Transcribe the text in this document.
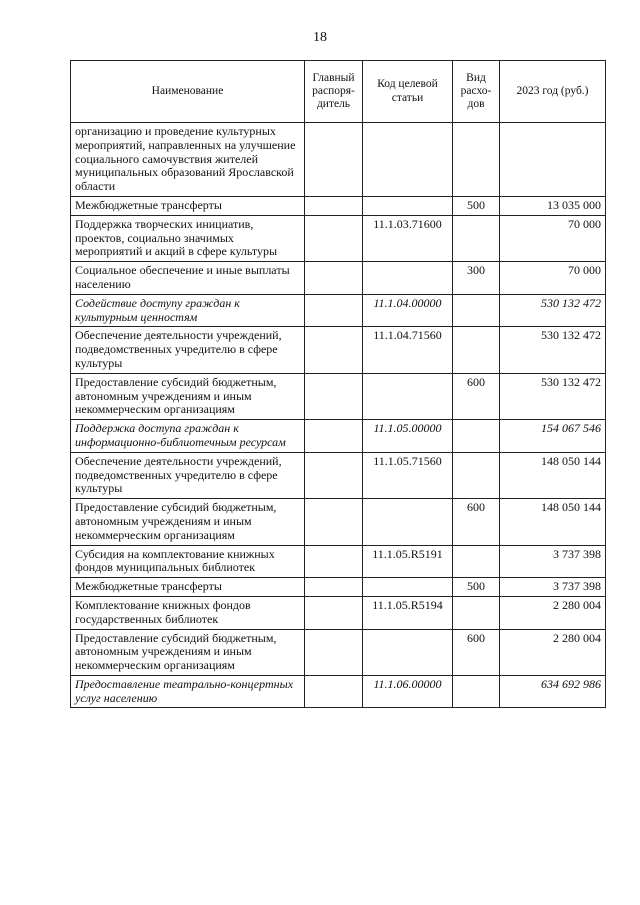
18
Наименование	Главный распоря-дитель	Код целевой статьи	Вид расхо-дов	2023 год (руб.)
организацию и проведение культурных мероприятий, направленных на улучшение социального самочувствия жителей муниципальных образований Ярославской области				
Межбюджетные трансферты			500	13 035 000
Поддержка творческих инициатив, проектов, социально значимых мероприятий и акций в сфере культуры		11.1.03.71600		70 000
Социальное обеспечение и иные выплаты населению			300	70 000
Содействие доступу граждан к культурным ценностям		11.1.04.00000		530 132 472
Обеспечение деятельности учреждений, подведомственных учредителю в сфере культуры		11.1.04.71560		530 132 472
Предоставление субсидий бюджетным, автономным учреждениям и иным некоммерческим организациям			600	530 132 472
Поддержка доступа граждан к информационно-библиотечным ресурсам		11.1.05.00000		154 067 546
Обеспечение деятельности учреждений, подведомственных учредителю в сфере культуры		11.1.05.71560		148 050 144
Предоставление субсидий бюджетным, автономным учреждениям и иным некоммерческим организациям			600	148 050 144
Субсидия на комплектование книжных фондов муниципальных библиотек		11.1.05.R5191		3 737 398
Межбюджетные трансферты			500	3 737 398
Комплектование книжных фондов государственных библиотек		11.1.05.R5194		2 280 004
Предоставление субсидий бюджетным, автономным учреждениям и иным некоммерческим организациям			600	2 280 004
Предоставление театрально-концертных услуг населению		11.1.06.00000		634 692 986
